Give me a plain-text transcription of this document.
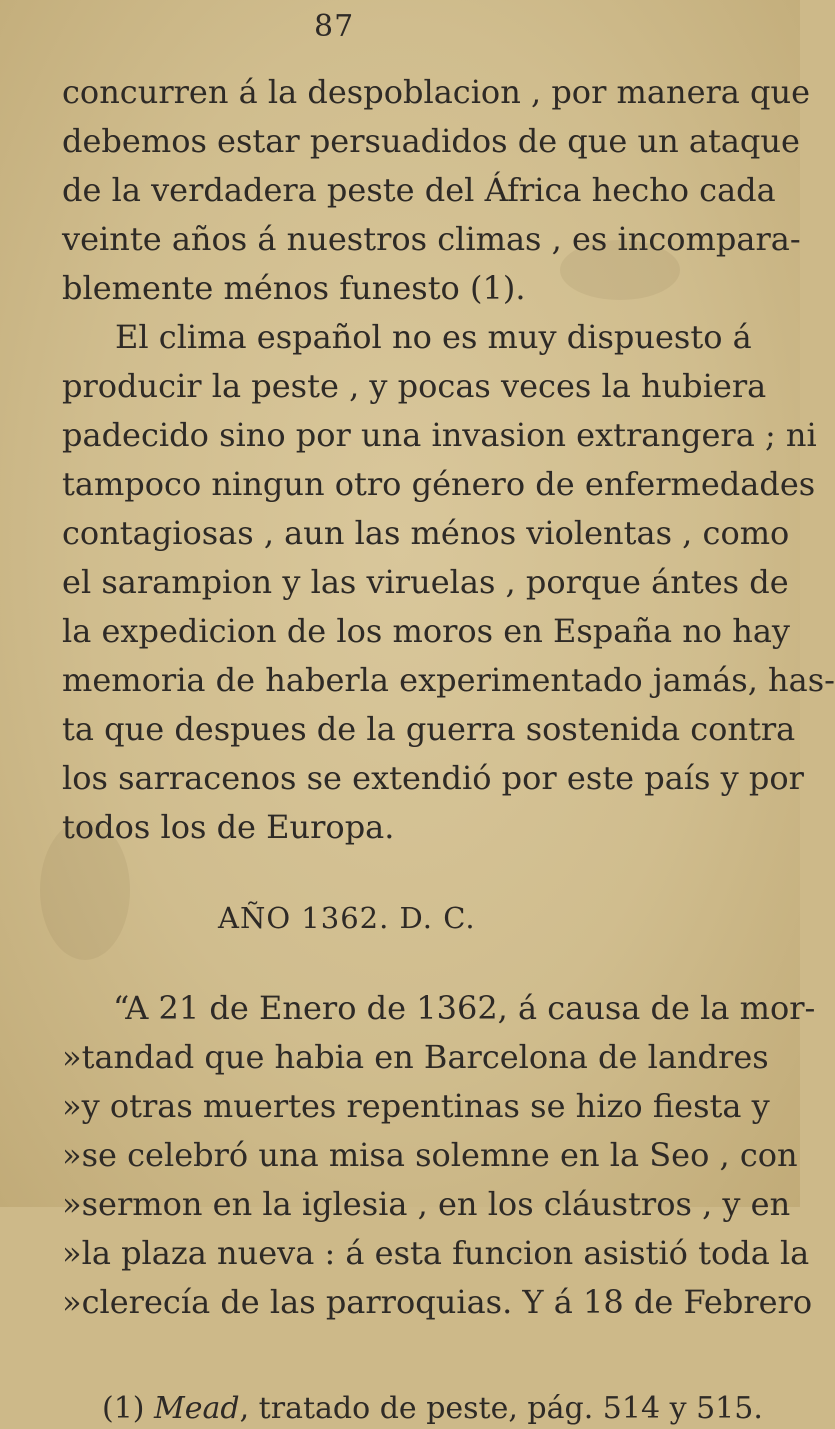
87

concurren á la despoblacion , por manera que

debemos estar persuadidos de que un ataque

de la verdadera peste del África hecho cada

veinte años á nuestros climas , es incompara-

blemente ménos funesto (1).

El clima español no es muy dispuesto á

producir la peste , y pocas veces la hubiera

padecido sino por una invasion extrangera ; ni

tampoco ningun otro género de enfermedades

contagiosas , aun las ménos violentas , como

el sarampion y las viruelas , porque ántes de

la expedicion de los moros en España no hay

memoria de haberla experimentado jamás, has-

ta que despues de la guerra sostenida contra

los sarracenos se extendió por este país y por

todos los de Europa.

AÑO 1362. D. C.

“A 21 de Enero de 1362, á causa de la mor-

»tandad que habia en Barcelona de landres

»y otras muertes repentinas se hizo fiesta y

»se celebró una misa solemne en la Seo , con

»sermon en la iglesia , en los cláustros , y en

»la plaza nueva : á esta funcion asistió toda la

»clerecía de las parroquias. Y á 18 de Febrero

(1) Mead, tratado de peste, pág. 514 y 515.
